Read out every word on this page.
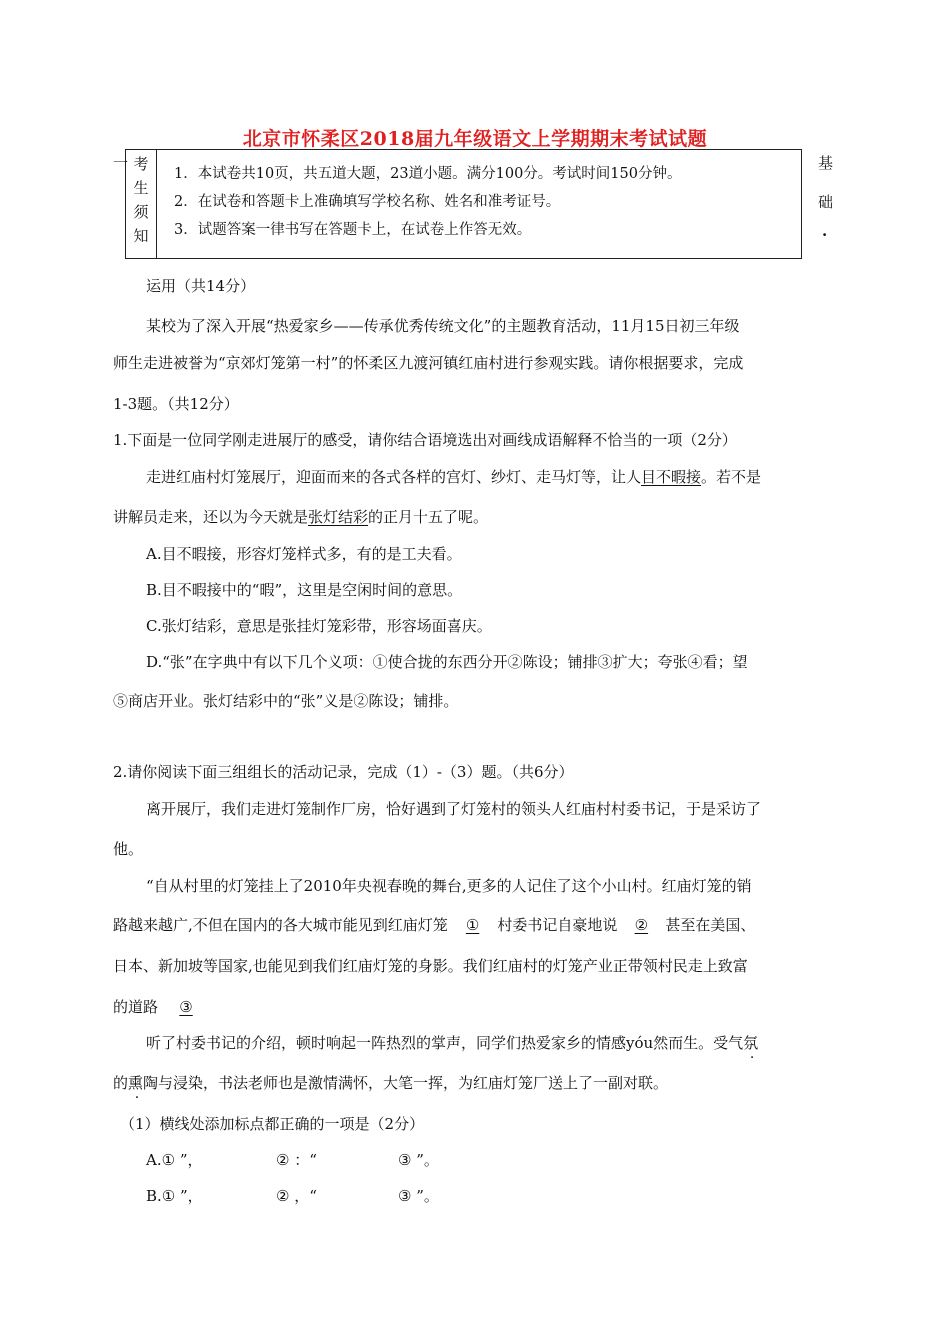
北京市怀柔区2018届九年级语文上学期期末考试试题
一 考
生
须
知
1．本试卷共10页，共五道大题，23道小题。满分100分。考试时间150分钟。
2．在试卷和答题卡上准确填写学校名称、姓名和准考证号。
3．试题答案一律书写在答题卡上，在试卷上作答无效。
基
础
·
运用（共14分）
某校为了深入开展“热爱家乡——传承优秀传统文化”的主题教育活动，11月15日初三年级
师生走进被誉为“京郊灯笼第一村”的怀柔区九渡河镇红庙村进行参观实践。请你根据要求，完成
1-3题。（共12分）
1.下面是一位同学刚走进展厅的感受，请你结合语境选出对画线成语解释不恰当的一项（2分）
走进红庙村灯笼展厅，迎面而来的各式各样的宫灯、纱灯、走马灯等，让人目不暇接。若不是
讲解员走来，还以为今天就是张灯结彩的正月十五了呢。
A.目不暇接，形容灯笼样式多，有的是工夫看。
B.目不暇接中的“暇”，这里是空闲时间的意思。
C.张灯结彩，意思是张挂灯笼彩带，形容场面喜庆。
D.“张”在字典中有以下几个义项：①使合拢的东西分开②陈设；铺排③扩大；夸张④看；望
⑤商店开业。张灯结彩中的“张”义是②陈设；铺排。
2.请你阅读下面三组组长的活动记录，完成（1）-（3）题。（共6分）
离开展厅，我们走进灯笼制作厂房，恰好遇到了灯笼村的领头人红庙村村委书记，于是采访了
他。
“自从村里的灯笼挂上了2010年央视春晚的舞台,更多的人记住了这个小山村。红庙灯笼的销
路越来越广,不但在国内的各大城市能见到红庙灯笼 ① 村委书记自豪地说 ② 甚至在美国、
日本、新加坡等国家,也能见到我们红庙灯笼的身影。我们红庙村的灯笼产业正带领村民走上致富
的道路 ③
听了村委书记的介绍，顿时响起一阵热烈的掌声，同学们热爱家乡的情感yóu然而生。受气氛
的熏陶与浸染，书法老师也是激情满怀，大笔一挥，为红庙灯笼厂送上了一副对联。
（1）横线处添加标点都正确的一项是（2分）
A.① ”，	② ：“	③ ”。
B.① ”，	② ，“	③ ”。
